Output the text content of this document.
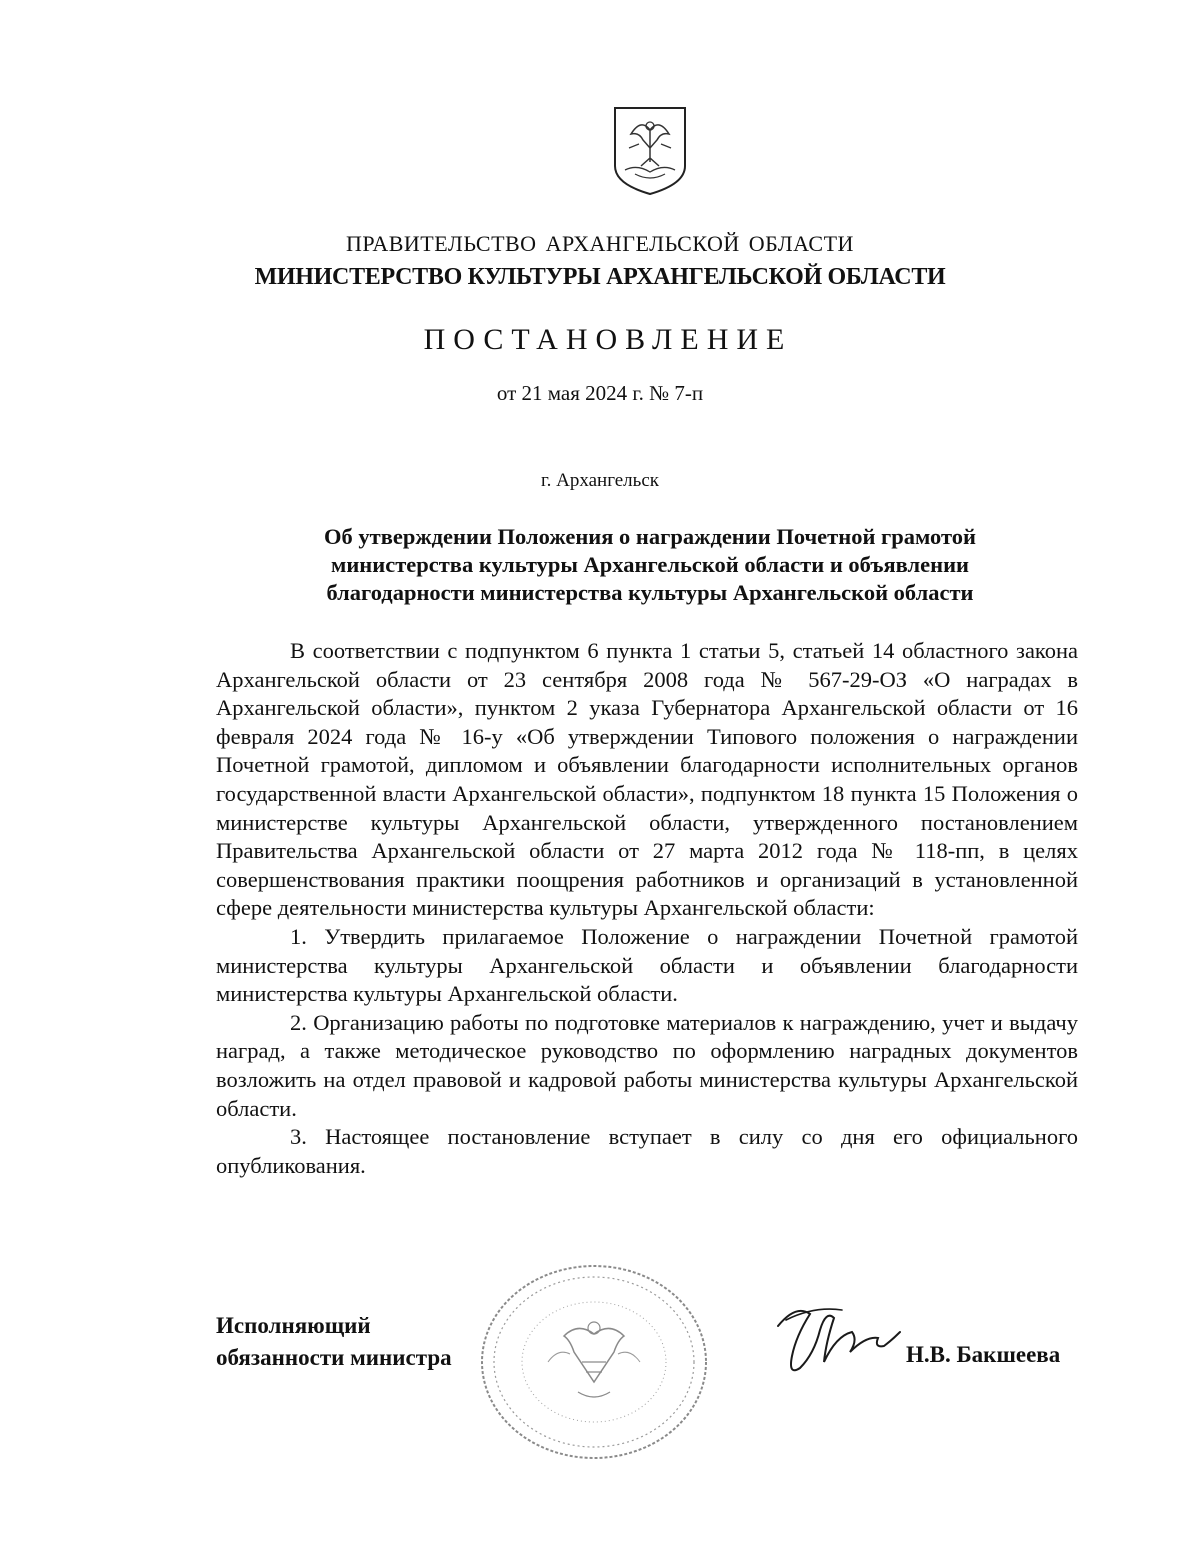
ПРАВИТЕЛЬСТВО АРХАНГЕЛЬСКОЙ ОБЛАСТИ
МИНИСТЕРСТВО КУЛЬТУРЫ АРХАНГЕЛЬСКОЙ ОБЛАСТИ
ПОСТАНОВЛЕНИЕ
от 21 мая 2024 г. № 7-п
г. Архангельск
Об утверждении Положения о награждении Почетной грамотой
министерства культуры Архангельской области и объявлении
благодарности министерства культуры Архангельской области

В соответствии с подпунктом 6 пункта 1 статьи 5, статьей 14 областного закона Архангельской области от 23 сентября 2008 года № 567-29-ОЗ «О наградах в Архангельской области», пунктом 2 указа Губернатора Архангельской области от 16 февраля 2024 года № 16-у «Об утверждении Типового положения о награждении Почетной грамотой, дипломом и объявлении благодарности исполнительных органов государственной власти Архангельской области», подпунктом 18 пункта 15 Положения о министерстве культуры Архангельской области, утвержденного постановлением Правительства Архангельской области от 27 марта 2012 года № 118-пп, в целях совершенствования практики поощрения работников и организаций в установленной сфере деятельности министерства культуры Архангельской области:

1. Утвердить прилагаемое Положение о награждении Почетной грамотой министерства культуры Архангельской области и объявлении благодарности министерства культуры Архангельской области.

2. Организацию работы по подготовке материалов к награждению, учет и выдачу наград, а также методическое руководство по оформлению наградных документов возложить на отдел правовой и кадровой работы министерства культуры Архангельской области.

3. Настоящее постановление вступает в силу со дня его официального опубликования.

Исполняющий
обязанности министра	Н.В. Бакшеева
